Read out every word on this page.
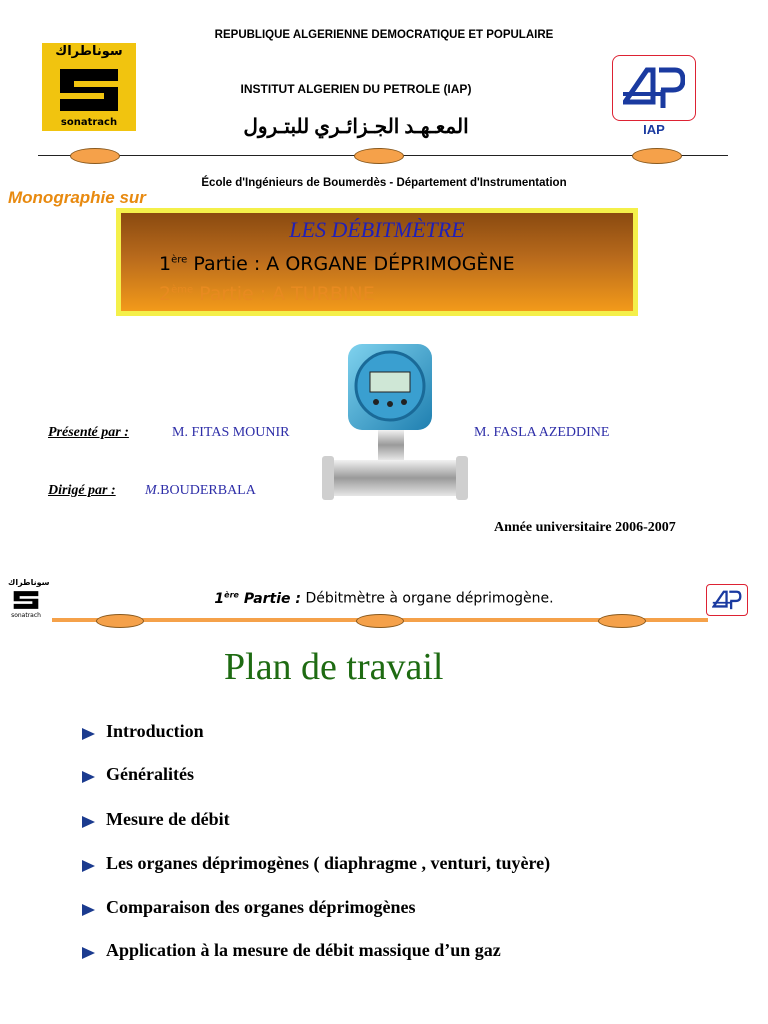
REPUBLIQUE ALGERIENNE DEMOCRATIQUE ET POPULAIRE
سوناطراك
sonatrach
INSTITUT ALGERIEN DU PETROLE (IAP)
المعـهـد الجـزائـري للبتـرول	IAP
École d'Ingénieurs de Boumerdès - Département d'Instrumentation
Monographie sur
LES DÉBITMÈTRE
1ère Partie : A ORGANE DÉPRIMOGÈNE
2ème Partie : A TURBINE
Présenté par :	M. FITAS MOUNIR	M. FASLA AZEDDINE
Dirigé par : M.BOUDERBALA
Année universitaire 2006-2007
سوناطراك
sonatrach
1ère Partie : Débitmètre à organe déprimogène.
Plan de travail
Introduction
Généralités
Mesure de débit
Les organes déprimogènes ( diaphragme , venturi, tuyère)
Comparaison des organes déprimogènes
Application à la mesure de débit massique d’un gaz
